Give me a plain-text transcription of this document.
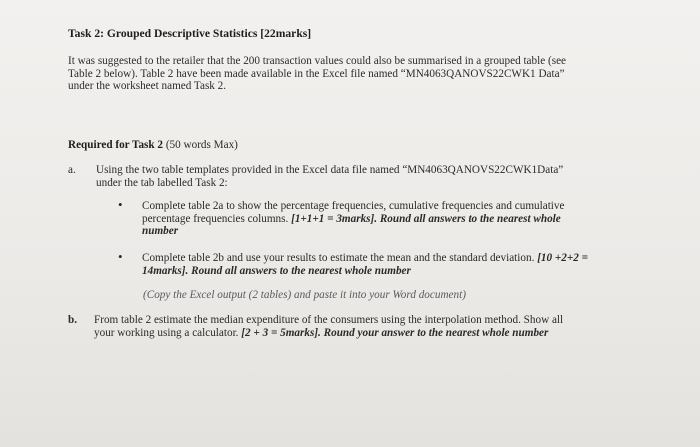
Task 2: Grouped Descriptive Statistics [22marks]
It was suggested to the retailer that the 200 transaction values could also be summarised in a grouped table (see
Table 2 below). Table 2 have been made available in the Excel file named “MN4063QANOVS22CWK1 Data”
under the worksheet named Task 2.
Required for Task 2 (50 words Max)
a. Using the two table templates provided in the Excel data file named “MN4063QANOVS22CWK1Data”
under the tab labelled Task 2:
• Complete table 2a to show the percentage frequencies, cumulative frequencies and cumulative
percentage frequencies columns. [1+1+1 = 3marks]. Round all answers to the nearest whole
number
• Complete table 2b and use your results to estimate the mean and the standard deviation. [10 +2+2 =
14marks]. Round all answers to the nearest whole number
(Copy the Excel output (2 tables) and paste it into your Word document)
b. From table 2 estimate the median expenditure of the consumers using the interpolation method. Show all
your working using a calculator. [2 + 3 = 5marks]. Round your answer to the nearest whole number
